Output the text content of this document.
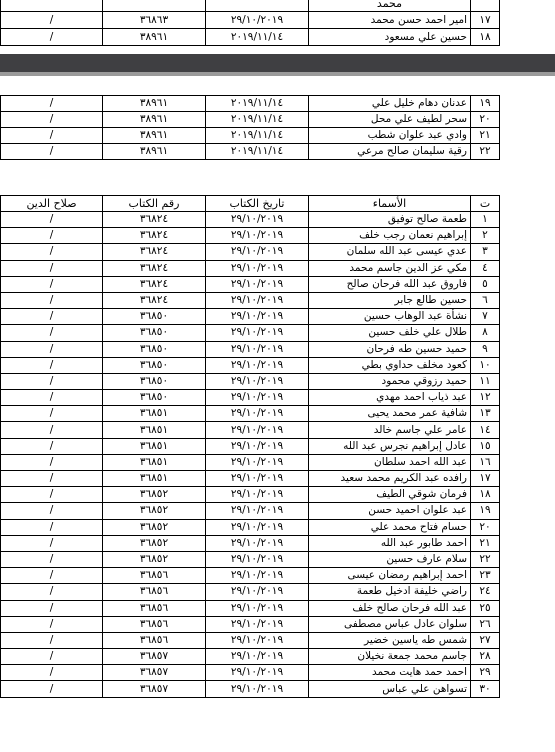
	محمد			
١٧	امير احمد حسن محمد	٢٩/١٠/٢٠١٩	٣٦٨٦٣	/
١٨	حسين علي مسعود	٢٠١٩/١١/١٤	٣٨٩٦١	/
١٩	عدنان دهام خليل علي	٢٠١٩/١١/١٤	٣٨٩٦١	/
٢٠	سحر لطيف علي محل	٢٠١٩/١١/١٤	٣٨٩٦١	/
٢١	وادي عبد علوان شطب	٢٠١٩/١١/١٤	٣٨٩٦١	/
٢٢	رقية سليمان صالح مرعي	٢٠١٩/١١/١٤	٣٨٩٦١	/
ت	الأسماء	تاريخ الكتاب	رقم الكتاب	صلاح الدين
١	طعمة صالح توفيق	٢٩/١٠/٢٠١٩	٣٦٨٢٤	/
٢	إبراهيم نعمان رجب خلف	٢٩/١٠/٢٠١٩	٣٦٨٢٤	/
٣	عدي عيسى عبد الله سلمان	٢٩/١٠/٢٠١٩	٣٦٨٢٤	/
٤	مكي عز الدين جاسم محمد	٢٩/١٠/٢٠١٩	٣٦٨٢٤	/
٥	فاروق عبد الله فرحان صالح	٢٩/١٠/٢٠١٩	٣٦٨٢٤	/
٦	حسين طالع جابر	٢٩/١٠/٢٠١٩	٣٦٨٢٤	/
٧	نشأة عبد الوهاب حسين	٢٩/١٠/٢٠١٩	٣٦٨٥٠	/
٨	طلال علي خلف حسين	٢٩/١٠/٢٠١٩	٣٦٨٥٠	/
٩	حميد حسين طه فرحان	٢٩/١٠/٢٠١٩	٣٦٨٥٠	/
١٠	كعود مخلف حداوي بطي	٢٩/١٠/٢٠١٩	٣٦٨٥٠	/
١١	حميد رزوقي محمود	٢٩/١٠/٢٠١٩	٣٦٨٥٠	/
١٢	عبد ذياب احمد مهدي	٢٩/١٠/٢٠١٩	٣٦٨٥٠	/
١٣	شافية عمر محمد يحيى	٢٩/١٠/٢٠١٩	٣٦٨٥١	/
١٤	عامر علي جاسم خالد	٢٩/١٠/٢٠١٩	٣٦٨٥١	/
١٥	عادل إبراهيم نجرس عبد الله	٢٩/١٠/٢٠١٩	٣٦٨٥١	/
١٦	عبد الله احمد سلطان	٢٩/١٠/٢٠١٩	٣٦٨٥١	/
١٧	رافده عبد الكريم محمد سعيد	٢٩/١٠/٢٠١٩	٣٦٨٥١	/
١٨	فرمان شوقي الطيف	٢٩/١٠/٢٠١٩	٣٦٨٥٢	/
١٩	عبد علوان احميد حسن	٢٩/١٠/٢٠١٩	٣٦٨٥٢	/
٢٠	حسام فتاح محمد علي	٢٩/١٠/٢٠١٩	٣٦٨٥٢	/
٢١	احمد طابور عبد الله	٢٩/١٠/٢٠١٩	٣٦٨٥٢	/
٢٢	سلام عارف حسين	٢٩/١٠/٢٠١٩	٣٦٨٥٢	/
٢٣	احمد إبراهيم رمضان عيسى	٢٩/١٠/٢٠١٩	٣٦٨٥٦	/
٢٤	راضي خليفة ادخيل طعمة	٢٩/١٠/٢٠١٩	٣٦٨٥٦	/
٢٥	عبد الله فرحان صالح خلف	٢٩/١٠/٢٠١٩	٣٦٨٥٦	/
٢٦	سلوان عادل عباس مصطفى	٢٩/١٠/٢٠١٩	٣٦٨٥٦	/
٢٧	شمس طه ياسين خضير	٢٩/١٠/٢٠١٩	٣٦٨٥٦	/
٢٨	جاسم محمد جمعة نخيلان	٢٩/١٠/٢٠١٩	٣٦٨٥٧	/
٢٩	احمد حمد هايت محمد	٢٩/١٠/٢٠١٩	٣٦٨٥٧	/
٣٠	تسواهن علي عباس	٢٩/١٠/٢٠١٩	٣٦٨٥٧	/
